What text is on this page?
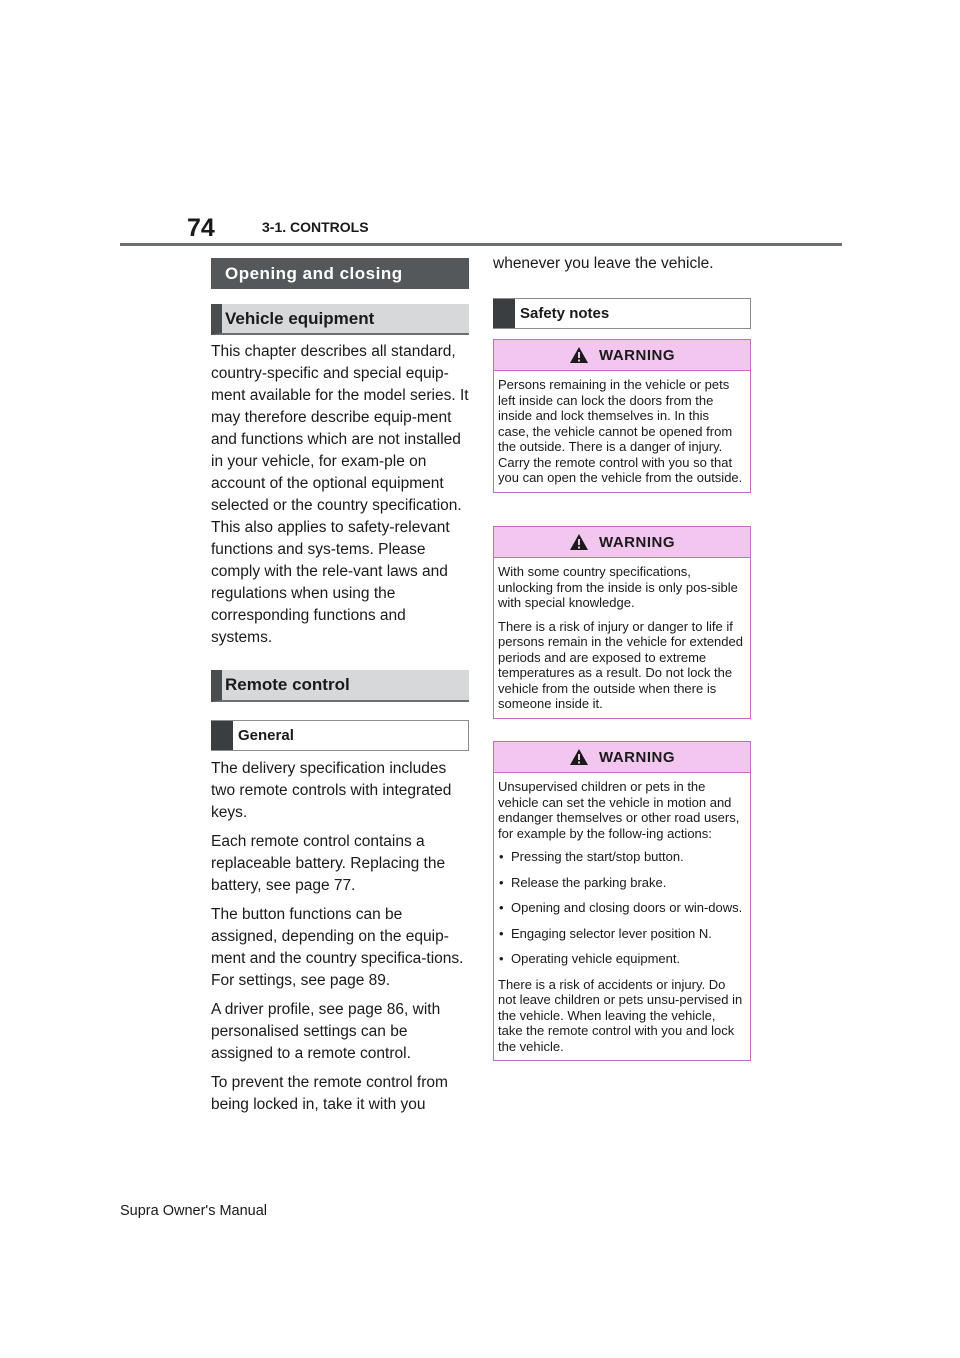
74	3-1. CONTROLS
Opening and closing
Vehicle equipment

This chapter describes all standard, country-specific and special equip-ment available for the model series. It may therefore describe equip-ment and functions which are not installed in your vehicle, for exam-ple on account of the optional equipment selected or the country specification. This also applies to safety-relevant functions and sys-tems. Please comply with the rele-vant laws and regulations when using the corresponding functions and systems.

Remote control
General

The delivery specification includes two remote controls with integrated keys.

Each remote control contains a replaceable battery. Replacing the battery, see page 77.

The button functions can be assigned, depending on the equip-ment and the country specifica-tions. For settings, see page 89.

A driver profile, see page 86, with personalised settings can be assigned to a remote control.

To prevent the remote control from being locked in, take it with you

whenever you leave the vehicle.
Safety notes
WARNING

Persons remaining in the vehicle or pets left inside can lock the doors from the inside and lock themselves in. In this case, the vehicle cannot be opened from the outside. There is a danger of injury. Carry the remote control with you so that you can open the vehicle from the outside.

WARNING

With some country specifications, unlocking from the inside is only pos-sible with special knowledge.

There is a risk of injury or danger to life if persons remain in the vehicle for extended periods and are exposed to extreme temperatures as a result. Do not lock the vehicle from the outside when there is someone inside it.

WARNING

Unsupervised children or pets in the vehicle can set the vehicle in motion and endanger themselves or other road users, for example by the follow-ing actions:

• Pressing the start/stop button.
• Release the parking brake.
• Opening and closing doors or win-dows.
• Engaging selector lever position N.
• Operating vehicle equipment.

There is a risk of accidents or injury. Do not leave children or pets unsu-pervised in the vehicle. When leaving the vehicle, take the remote control with you and lock the vehicle.

Supra Owner's Manual
